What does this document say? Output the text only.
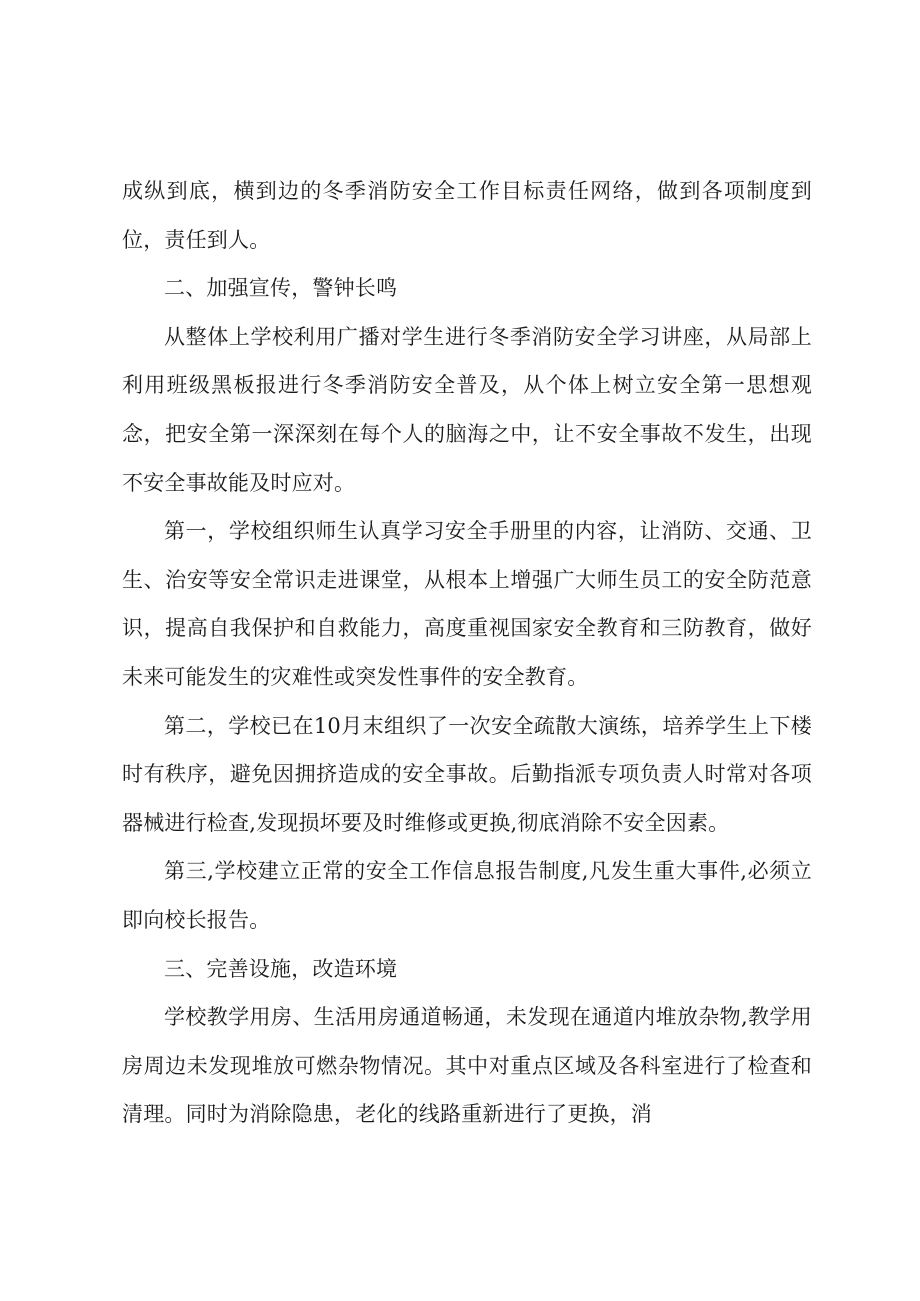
成纵到底，横到边的冬季消防安全工作目标责任网络，做到各项制度到位，责任到人。

二、加强宣传，警钟长鸣

从整体上学校利用广播对学生进行冬季消防安全学习讲座，从局部上利用班级黑板报进行冬季消防安全普及，从个体上树立安全第一思想观念，把安全第一深深刻在每个人的脑海之中，让不安全事故不发生，出现不安全事故能及时应对。

第一，学校组织师生认真学习安全手册里的内容，让消防、交通、卫生、治安等安全常识走进课堂，从根本上增强广大师生员工的安全防范意识，提高自我保护和自救能力，高度重视国家安全教育和三防教育，做好未来可能发生的灾难性或突发性事件的安全教育。

第二，学校已在10月末组织了一次安全疏散大演练，培养学生上下楼时有秩序，避免因拥挤造成的安全事故。后勤指派专项负责人时常对各项器械进行检查,发现损坏要及时维修或更换,彻底消除不安全因素。

第三,学校建立正常的安全工作信息报告制度,凡发生重大事件,必须立即向校长报告。

三、完善设施，改造环境

学校教学用房、生活用房通道畅通，未发现在通道内堆放杂物,教学用房周边未发现堆放可燃杂物情况。其中对重点区域及各科室进行了检查和清理。同时为消除隐患，老化的线路重新进行了更换，消
